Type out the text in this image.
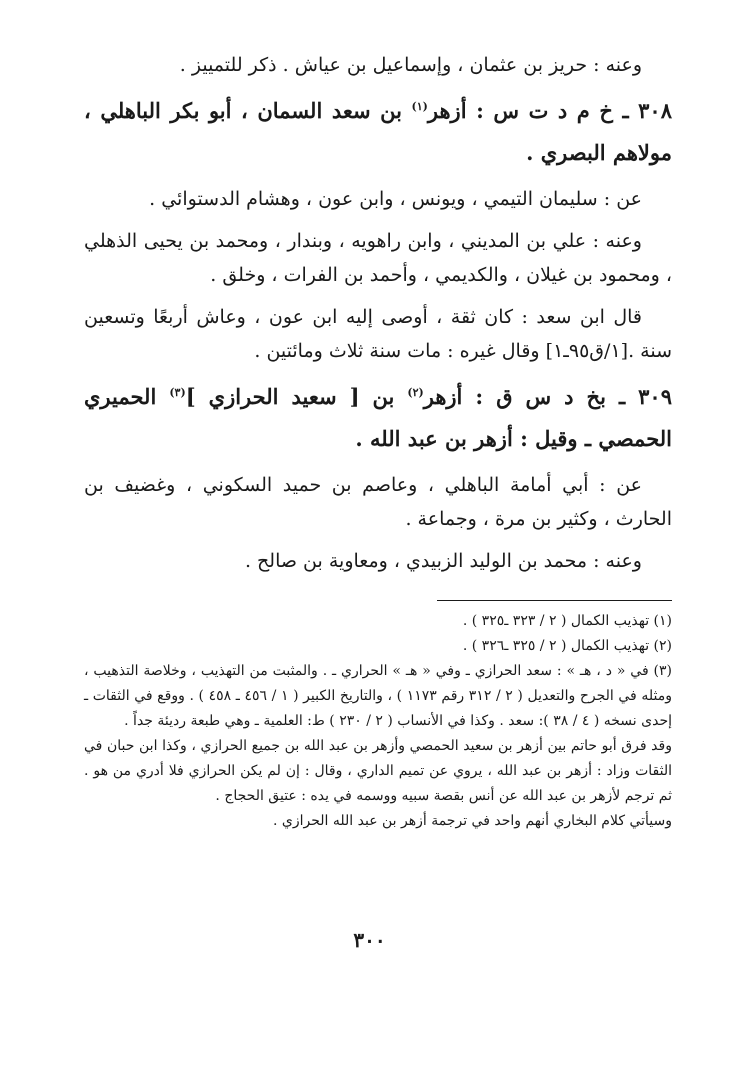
وعنه : حريز بن عثمان ، وإسماعيل بن عياش . ذكر للتمييز .

٣٠٨ ـ خ م د ت س : أزهر$^{(١)}$ بن سعد السمان ، أبو بكر الباهلي ، مولاهم البصري .

عن : سليمان التيمي ، ويونس ، وابن عون ، وهشام الدستوائي .

وعنه : علي بن المديني ، وابن راهويه ، وبندار ، ومحمد بن يحيى الذهلي ، ومحمود بن غيلان ، والكديمي ، وأحمد بن الفرات ، وخلق .

قال ابن سعد : كان ثقة ، أوصى إليه ابن عون ، وعاش أربعًا وتسعين سنة .[١/ق٩٥ـ١] وقال غيره : مات سنة ثلاث ومائتين .

٣٠٩ ـ بخ د س ق : أزهر$^{(٢)}$ بن [ سعيد الحرازي ]$^{(٣)}$ الحميري الحمصي ـ وقيل : أزهر بن عبد الله .

عن : أبي أمامة الباهلي ، وعاصم بن حميد السكوني ، وغضيف بن الحارث ، وكثير بن مرة ، وجماعة .

وعنه : محمد بن الوليد الزبيدي ، ومعاوية بن صالح .

(١) تهذيب الكمال ( ٢ / ٣٢٣ ـ٣٢٥ ) .

(٢) تهذيب الكمال ( ٢ / ٣٢٥ ـ٣٢٦ ) .

(٣) في « د ، هـ » : سعد الحرازي ـ وفي « هـ » الحراري ـ . والمثبت من التهذيب ، وخلاصة التذهيب ، ومثله في الجرح والتعديل ( ٢ / ٣١٢ رقم ١١٧٣ ) ، والتاريخ الكبير ( ١ / ٤٥٦ ـ ٤٥٨ ) . ووقع في الثقات ـ إحدى نسخه ( ٤ / ٣٨ ): سعد . وكذا في الأنساب ( ٢ / ٢٣٠ ) ط: العلمية ـ وهي طبعة رديئة جداً .

وقد فرق أبو حاتم بين أزهر بن سعيد الحمصي وأزهر بن عبد الله بن جميع الحرازي ، وكذا ابن حبان في الثقات وزاد : أزهر بن عبد الله ، يروي عن تميم الداري ، وقال : إن لم يكن الحرازي فلا أدري من هو . ثم ترجم لأزهر بن عبد الله عن أنس بقصة سبيه ووسمه في يده : عتيق الحجاج .

وسيأتي كلام البخاري أنهم واحد في ترجمة أزهر بن عبد الله الحرازي .

٣٠٠
